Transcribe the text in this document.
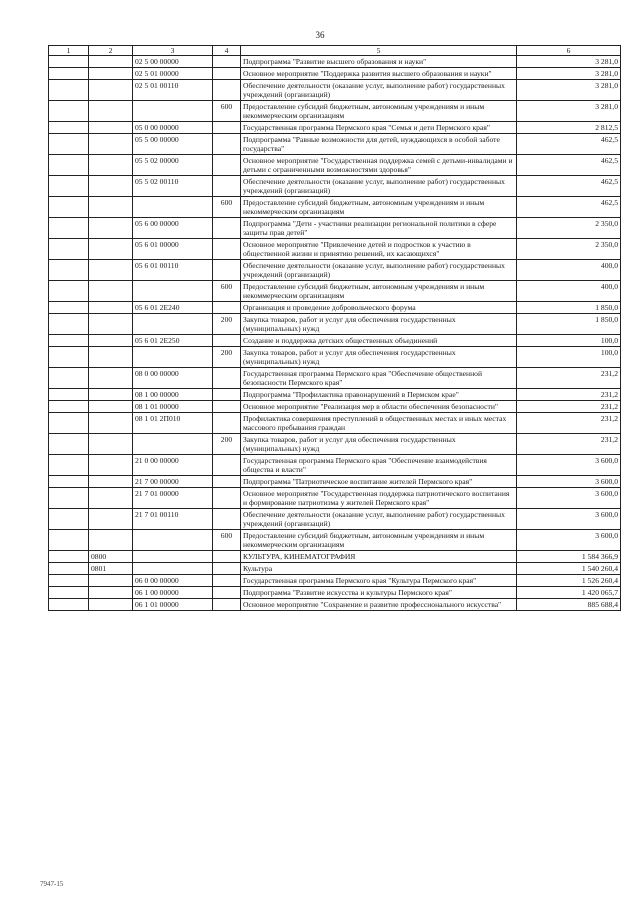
36
1	2	3	4	5	6
		02 5 00 00000		Подпрограмма "Развитие высшего образования и науки"	3 281,0
		02 5 01 00000		Основное мероприятие "Поддержка развития высшего образования и науки"	3 281,0
		02 5 01 00110		Обеспечение деятельности (оказание услуг, выполнение работ) государственных учреждений (организаций)	3 281,0
			600	Предоставление субсидий бюджетным, автономным учреждениям и иным некоммерческим организациям	3 281,0
		05 0 00 00000		Государственная программа Пермского края "Семья и дети Пермского края"	2 812,5
		05 5 00 00000		Подпрограмма "Равные возможности для детей, нуждающихся в особой заботе государства"	462,5
		05 5 02 00000		Основное мероприятие "Государственная поддержка семей с детьми-инвалидами и детьми с ограниченными возможностями здоровья"	462,5
		05 5 02 00110		Обеспечение деятельности (оказание услуг, выполнение работ) государственных учреждений (организаций)	462,5
			600	Предоставление субсидий бюджетным, автономным учреждениям и иным некоммерческим организациям	462,5
		05 6 00 00000		Подпрограмма "Дети - участники реализации региональной политики в сфере защиты прав детей"	2 350,0
		05 6 01 00000		Основное мероприятие "Привлечение детей и подростков к участию в общественной жизни и принятию решений, их касающихся"	2 350,0
		05 6 01 00110		Обеспечение деятельности (оказание услуг, выполнение работ) государственных учреждений (организаций)	400,0
			600	Предоставление субсидий бюджетным, автономным учреждениям и иным некоммерческим организациям	400,0
		05 6 01 2Е240		Организация и проведение добровольческого форума	1 850,0
			200	Закупка товаров, работ и услуг для обеспечения государственных (муниципальных) нужд	1 850,0
		05 6 01 2Е250		Создание и поддержка детских общественных объединений	100,0
			200	Закупка товаров, работ и услуг для обеспечения государственных (муниципальных) нужд	100,0
		08 0 00 00000		Государственная программа Пермского края "Обеспечение общественной безопасности Пермского края"	231,2
		08 1 00 00000		Подпрограмма "Профилактика правонарушений в Пермском крае"	231,2
		08 1 01 00000		Основное мероприятие "Реализация мер в области обеспечения безопасности"	231,2
		08 1 01 2П010		Профилактика совершения преступлений в общественных местах и иных местах массового пребывания граждан	231,2
			200	Закупка товаров, работ и услуг для обеспечения государственных (муниципальных) нужд	231,2
		21 0 00 00000		Государственная программа Пермского края "Обеспечение взаимодействия общества и власти"	3 600,0
		21 7 00 00000		Подпрограмма "Патриотическое воспитание жителей Пермского края"	3 600,0
		21 7 01 00000		Основное мероприятие "Государственная поддержка патриотического воспитания и формирование патриотизма у жителей Пермского края"	3 600,0
		21 7 01 00110		Обеспечение деятельности (оказание услуг, выполнение работ) государственных учреждений (организаций)	3 600,0
			600	Предоставление субсидий бюджетным, автономным учреждениям и иным некоммерческим организациям	3 600,0
	0800			КУЛЬТУРА, КИНЕМАТОГРАФИЯ	1 584 366,9
	0801			Культура	1 540 260,4
		06 0 00 00000		Государственная программа Пермского края "Культура Пермского края"	1 526 260,4
		06 1 00 00000		Подпрограмма "Развитие искусства и культуры Пермского края"	1 420 065,7
		06 1 01 00000		Основное мероприятие "Сохранение и развитие профессионального искусства"	885 688,4
7947-15
